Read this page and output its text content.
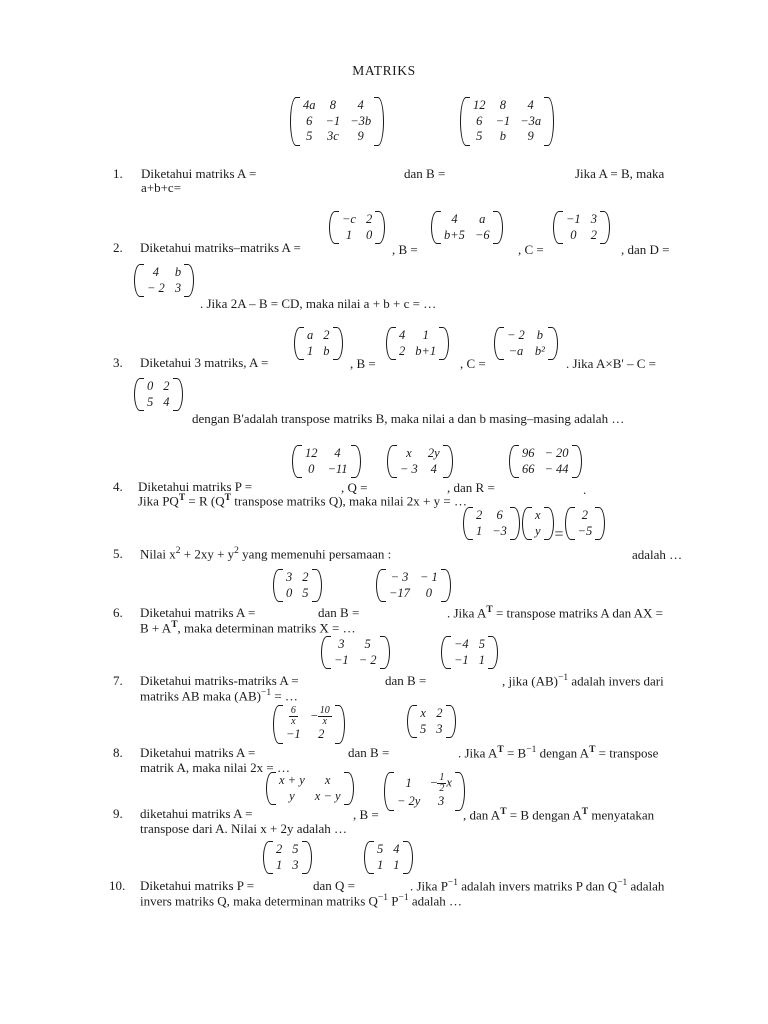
MATRIKS
1. Diketahui matriks A =
4a	8	4
6	−1	−3b
5	3c	9
dan B =
12	8	4
6	−1	−3a
5	b	9
Jika A = B, maka
a+b+c=
2. Diketahui matriks–matriks A =
−c	2
1	0
, B =
4	a
b+5	−6
, C =
−1	3
0	2
, dan D =
4	b
− 2	3
. Jika 2A – B = CD, maka nilai a + b + c = …
3. Diketahui 3 matriks, A =
a	2
1	b
, B =
4	1
2	b+1
, C =
− 2	b
−a	b²
. Jika A×B' – C =
0	2
5	4
dengan B'adalah transpose matriks B, maka nilai a dan b masing–masing adalah …
4. Diketahui matriks P =
12	4
0	−11
, Q =
x	2y
− 3	4
, dan R =
96	− 20
66	− 44
.
Jika $PQ^T = R$ ($Q^T$ transpose matriks Q), maka nilai 2x + y = …
5. Nilai $x^2 + 2xy + y^2$ yang memenuhi persamaan :
2	6
1	−3
x
y =
2
−5
adalah …
6. Diketahui matriks A =
3	2
0	5
dan B =
− 3	− 1
−17	0
. Jika $A^T$ = transpose matriks A dan AX =
$B + A^T$, maka determinan matriks X = …
7. Diketahui matriks-matriks A =
3	5
−1	− 2
dan B =
−4	5
−1	1
, jika (AB)$^{-1}$ adalah invers dari
matriks AB maka (AB)$^{-1}$ = …
8. Diketahui matriks A =
$\frac{6}{x}$	− $\frac{10}{x}$

−1	2
dan B =
x	2
5	3
. Jika $A^T = B^{-1}$ dengan $A^T$ = transpose
matrik A, maka nilai 2x = …
9. diketahui matriks A =
x + y	x
y	x − y
, B =
1	− $\frac{1}{2}$ x
− 2y	3
, dan $A^T = B$ dengan $A^T$ menyatakan
transpose dari A. Nilai x + 2y adalah …
10. Diketahui matriks P =
2	5
1	3
dan Q =
5	4
1	1
. Jika $P^{-1}$ adalah invers matriks P dan $Q^{-1}$ adalah
invers matriks Q, maka determinan matriks $Q^{-1}$ $P^{-1}$ adalah …
